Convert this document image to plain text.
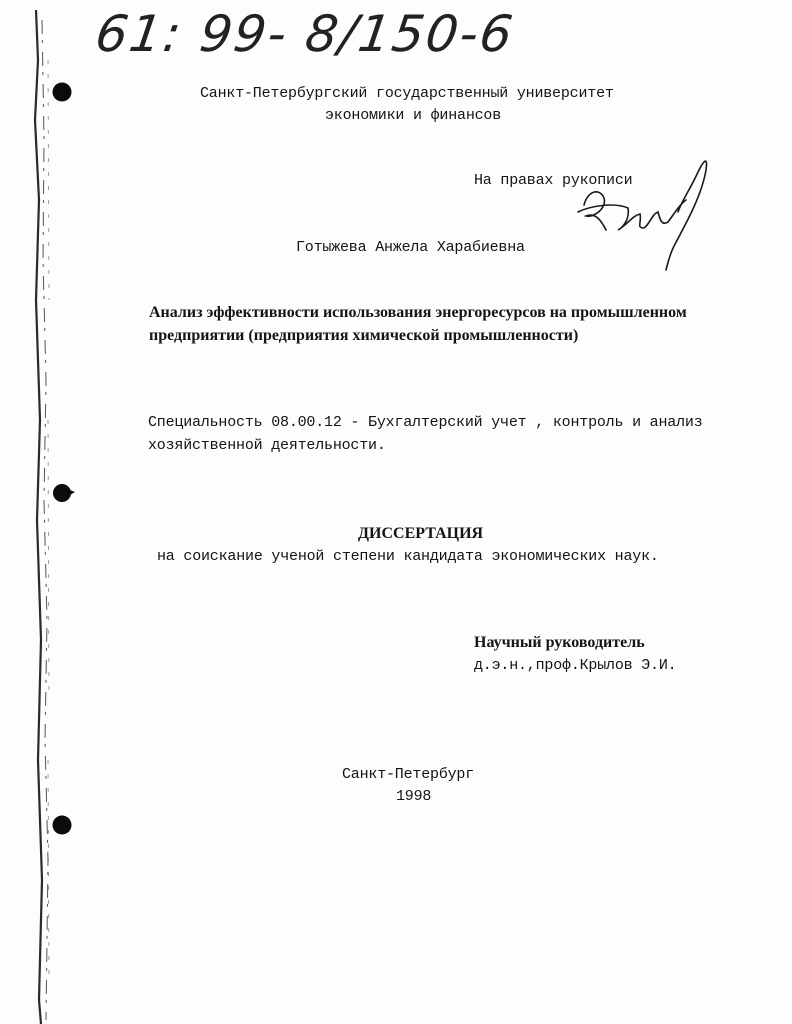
61: 99- 8/150-6
Санкт-Петербургский государственный университет
экономики и финансов
На правах рукописи
Готыжева Анжела Харабиевна
Анализ эффективности использования энергоресурсов на промышленном
предприятии (предприятия химической промышленности)
Специальность 08.00.12 - Бухгалтерский учет , контроль и анализ
хозяйственной деятельности.
ДИССЕРТАЦИЯ
на соискание ученой степени кандидата экономических наук.
Научный руководитель
д.э.н.,проф.Крылов Э.И.
Санкт-Петербург
1998
